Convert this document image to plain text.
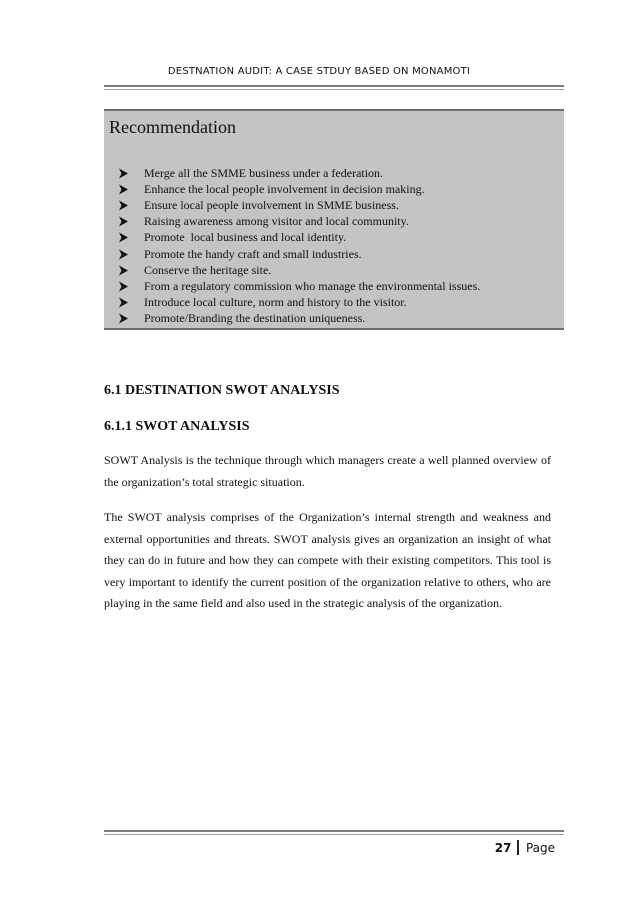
DESTNATION AUDIT: A CASE STDUY BASED ON MONAMOTI
Recommendation
Merge all the SMME business under a federation.
Enhance the local people involvement in decision making.
Ensure local people involvement in SMME business.
Raising awareness among visitor and local community.
Promote  local business and local identity.
Promote the handy craft and small industries.
Conserve the heritage site.
From a regulatory commission who manage the environmental issues.
Introduce local culture, norm and history to the visitor.
Promote/Branding the destination uniqueness.
6.1 DESTINATION SWOT ANALYSIS
6.1.1 SWOT ANALYSIS

SOWT Analysis is the technique through which managers create a well planned overview of the organization’s total strategic situation.

The SWOT analysis comprises of the Organization’s internal strength and weakness and external opportunities and threats. SWOT analysis gives an organization an insight of what they can do in future and how they can compete with their existing competitors. This tool is very important to identify the current position of the organization relative to others, who are playing in the same field and also used in the strategic analysis of the organization.

27 Page
